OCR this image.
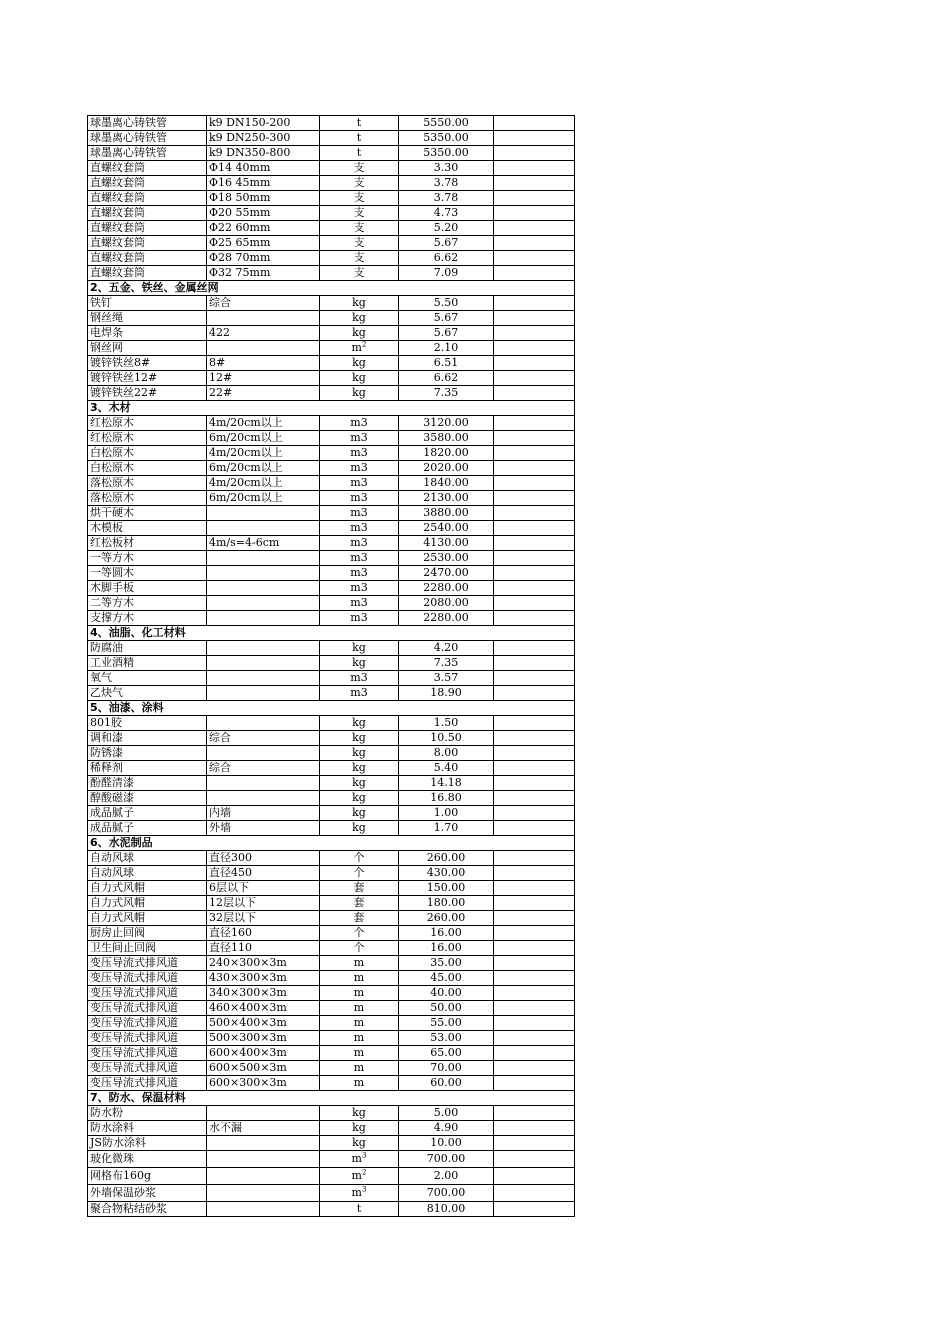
球墨离心铸铁管	k9 DN150-200	t	5550.00	
球墨离心铸铁管	k9 DN250-300	t	5350.00	
球墨离心铸铁管	k9 DN350-800	t	5350.00	
直螺纹套筒	Φ14 40mm	支	3.30	
直螺纹套筒	Φ16 45mm	支	3.78	
直螺纹套筒	Φ18 50mm	支	3.78	
直螺纹套筒	Φ20 55mm	支	4.73	
直螺纹套筒	Φ22 60mm	支	5.20	
直螺纹套筒	Φ25 65mm	支	5.67	
直螺纹套筒	Φ28 70mm	支	6.62	
直螺纹套筒	Φ32 75mm	支	7.09	
2、五金、铁丝、金属丝网				
铁钉	综合	kg	5.50	
钢丝绳		kg	5.67	
电焊条	422	kg	5.67	
钢丝网		$m^2$	2.10	
镀锌铁丝8#	8#	kg	6.51	
镀锌铁丝12#	12#	kg	6.62	
镀锌铁丝22#	22#	kg	7.35	
3、木材				
红松原木	4m/20cm以上	m3	3120.00	
红松原木	6m/20cm以上	m3	3580.00	
白松原木	4m/20cm以上	m3	1820.00	
白松原木	6m/20cm以上	m3	2020.00	
落松原木	4m/20cm以上	m3	1840.00	
落松原木	6m/20cm以上	m3	2130.00	
烘干硬木		m3	3880.00	
木模板		m3	2540.00	
红松板材	4m/s=4-6cm	m3	4130.00	
一等方木		m3	2530.00	
一等圆木		m3	2470.00	
木脚手板		m3	2280.00	
二等方木		m3	2080.00	
支撑方木		m3	2280.00	
4、油脂、化工材料				
防腐油		kg	4.20	
工业酒精		kg	7.35	
氧气		m3	3.57	
乙炔气		m3	18.90	
5、油漆、涂料				
801胶		kg	1.50	
调和漆	综合	kg	10.50	
防锈漆		kg	8.00	
稀释剂	综合	kg	5.40	
酚醛清漆		kg	14.18	
醇酸磁漆		kg	16.80	
成品腻子	内墙	kg	1.00	
成品腻子	外墙	kg	1.70	
6、水泥制品				
自动风球	直径300	个	260.00	
自动风球	直径450	个	430.00	
自力式风帽	6层以下	套	150.00	
自力式风帽	12层以下	套	180.00	
自力式风帽	32层以下	套	260.00	
厨房止回阀	直径160	个	16.00	
卫生间止回阀	直径110	个	16.00	
变压导流式排风道	240×300×3m	m	35.00	
变压导流式排风道	430×300×3m	m	45.00	
变压导流式排风道	340×300×3m	m	40.00	
变压导流式排风道	460×400×3m	m	50.00	
变压导流式排风道	500×400×3m	m	55.00	
变压导流式排风道	500×300×3m	m	53.00	
变压导流式排风道	600×400×3m	m	65.00	
变压导流式排风道	600×500×3m	m	70.00	
变压导流式排风道	600×300×3m	m	60.00	
7、防水、保温材料				
防水粉		kg	5.00	
防水涂料	水不漏	kg	4.90	
JS防水涂料		kg	10.00	
玻化微珠		$m^3$	700.00	
网格布160g		$m^2$	2.00	
外墙保温砂浆		$m^3$	700.00	
聚合物粘结砂浆		t	810.00	
